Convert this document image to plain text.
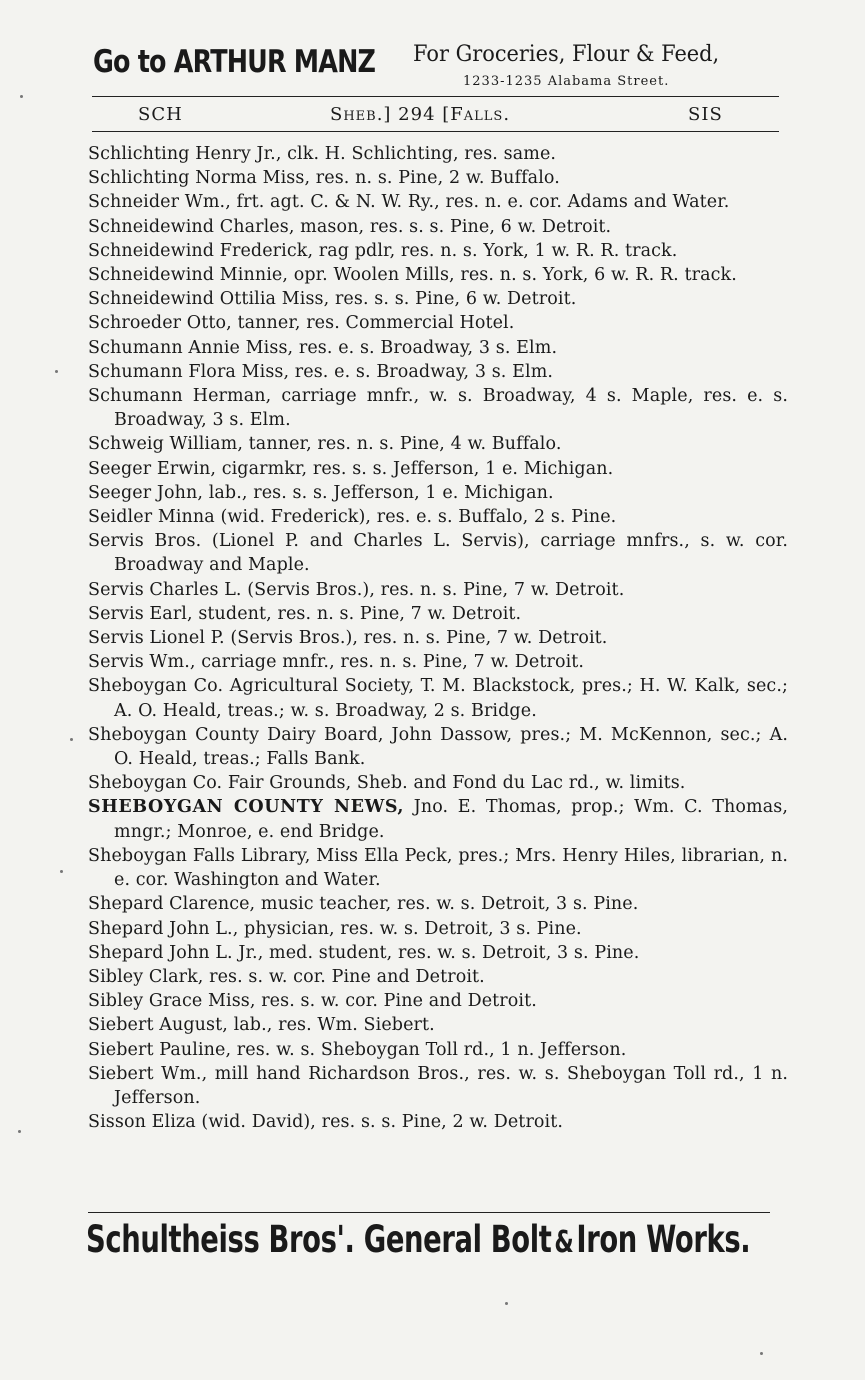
Go to ARTHUR MANZ For Groceries, Flour & Feed,
1233-1235 Alabama Street.
SCH	Sheb.] 294 [Falls.	SIS
Schlichting Henry Jr., clk. H. Schlichting, res. same.
Schlichting Norma Miss, res. n. s. Pine, 2 w. Buffalo.
Schneider Wm., frt. agt. C. & N. W. Ry., res. n. e. cor. Adams and Water.
Schneidewind Charles, mason, res. s. s. Pine, 6 w. Detroit.
Schneidewind Frederick, rag pdlr, res. n. s. York, 1 w. R. R. track.
Schneidewind Minnie, opr. Woolen Mills, res. n. s. York, 6 w. R. R. track.
Schneidewind Ottilia Miss, res. s. s. Pine, 6 w. Detroit.
Schroeder Otto, tanner, res. Commercial Hotel.
Schumann Annie Miss, res. e. s. Broadway, 3 s. Elm.
Schumann Flora Miss, res. e. s. Broadway, 3 s. Elm.
Schumann Herman, carriage mnfr., w. s. Broadway, 4 s. Maple, res. e. s. Broadway, 3 s. Elm.
Schweig William, tanner, res. n. s. Pine, 4 w. Buffalo.
Seeger Erwin, cigarmkr, res. s. s. Jefferson, 1 e. Michigan.
Seeger John, lab., res. s. s. Jefferson, 1 e. Michigan.
Seidler Minna (wid. Frederick), res. e. s. Buffalo, 2 s. Pine.
Servis Bros. (Lionel P. and Charles L. Servis), carriage mnfrs., s. w. cor. Broadway and Maple.
Servis Charles L. (Servis Bros.), res. n. s. Pine, 7 w. Detroit.
Servis Earl, student, res. n. s. Pine, 7 w. Detroit.
Servis Lionel P. (Servis Bros.), res. n. s. Pine, 7 w. Detroit.
Servis Wm., carriage mnfr., res. n. s. Pine, 7 w. Detroit.
Sheboygan Co. Agricultural Society, T. M. Blackstock, pres.; H. W. Kalk, sec.; A. O. Heald, treas.; w. s. Broadway, 2 s. Bridge.
Sheboygan County Dairy Board, John Dassow, pres.; M. McKennon, sec.; A. O. Heald, treas.; Falls Bank.
Sheboygan Co. Fair Grounds, Sheb. and Fond du Lac rd., w. limits.
SHEBOYGAN COUNTY NEWS, Jno. E. Thomas, prop.; Wm. C. Thomas, mngr.; Monroe, e. end Bridge.
Sheboygan Falls Library, Miss Ella Peck, pres.; Mrs. Henry Hiles, librarian, n. e. cor. Washington and Water.
Shepard Clarence, music teacher, res. w. s. Detroit, 3 s. Pine.
Shepard John L., physician, res. w. s. Detroit, 3 s. Pine.
Shepard John L. Jr., med. student, res. w. s. Detroit, 3 s. Pine.
Sibley Clark, res. s. w. cor. Pine and Detroit.
Sibley Grace Miss, res. s. w. cor. Pine and Detroit.
Siebert August, lab., res. Wm. Siebert.
Siebert Pauline, res. w. s. Sheboygan Toll rd., 1 n. Jefferson.
Siebert Wm., mill hand Richardson Bros., res. w. s. Sheboygan Toll rd., 1 n. Jefferson.
Sisson Eliza (wid. David), res. s. s. Pine, 2 w. Detroit.
Schultheiss Bros'. General Bolt&Iron Works.
